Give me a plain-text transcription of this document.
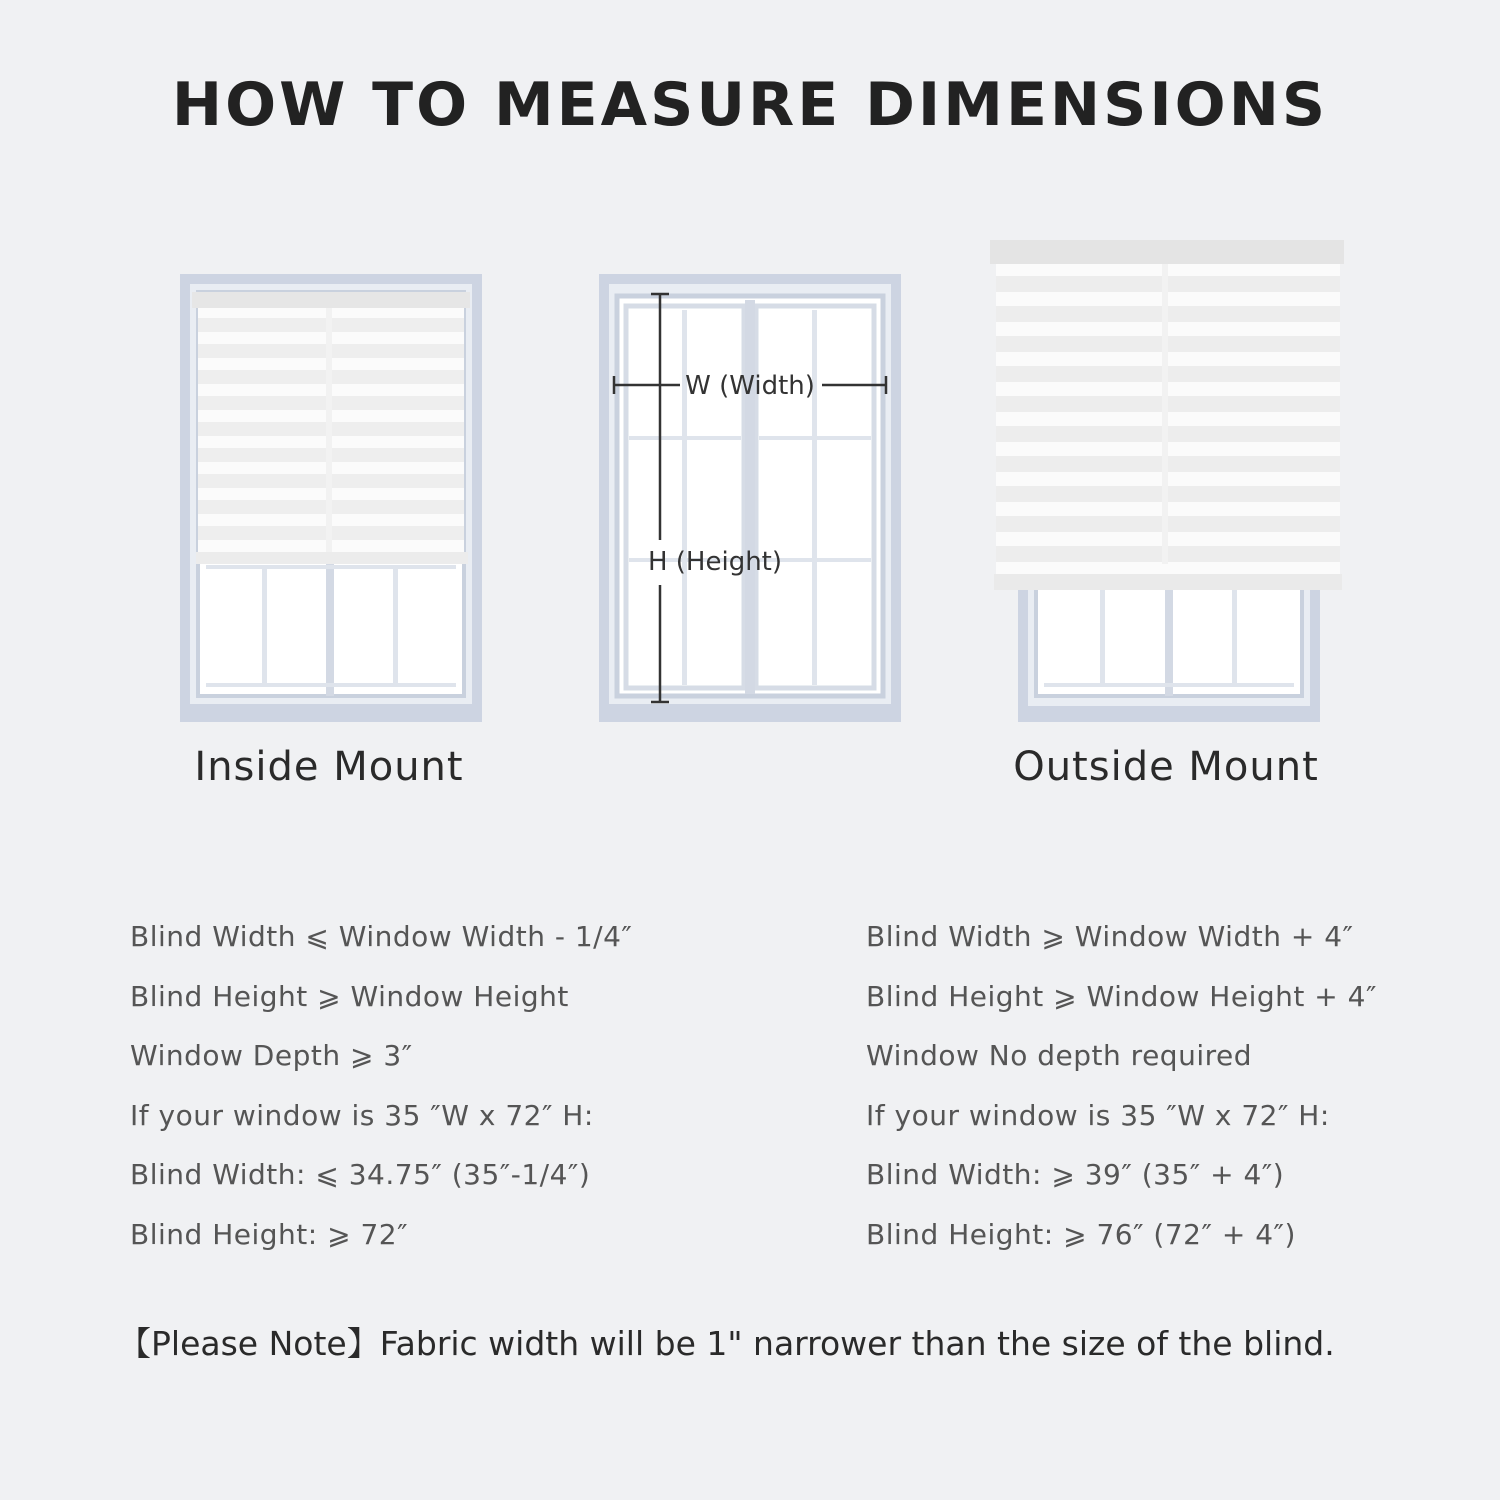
HOW TO MEASURE DIMENSIONS
W (Width)
H (Height)
Inside Mount	Outside Mount
Blind Width ⩽ Window Width - 1/4″
Blind Height ⩾ Window Height
Window Depth ⩾ 3″
If your window is 35 ″W x 72″ H:
Blind Width: ⩽ 34.75″ (35″-1/4″)
Blind Height: ⩾ 72″
Blind Width ⩾ Window Width + 4″
Blind Height ⩾ Window Height + 4″
Window No depth required
If your window is 35 ″W x 72″ H:
Blind Width: ⩾ 39″ (35″ + 4″)
Blind Height: ⩾ 76″ (72″ + 4″)
【Please Note】Fabric width will be 1" narrower than the size of the blind.
